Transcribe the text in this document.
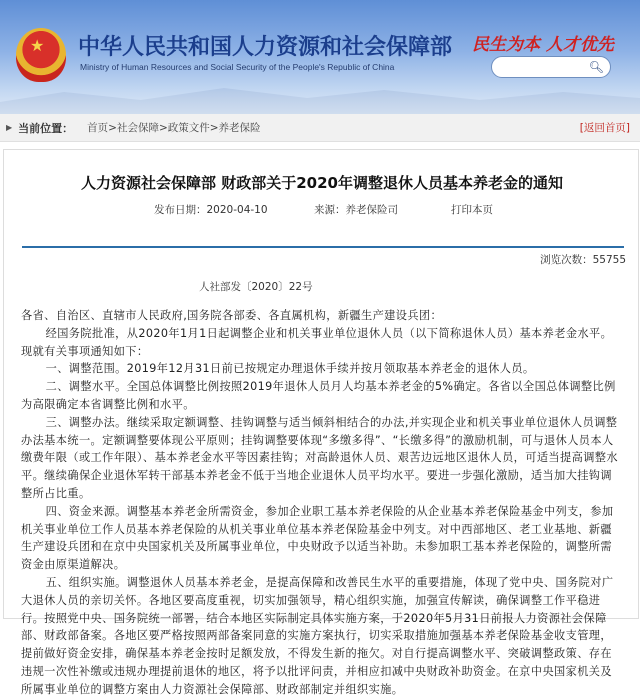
★ 中华人民共和国人力资源和社会保障部
Ministry of Human Resources and Social Security of the People's Republic of China
民生为本 人才优先
🔍︎
▶ 当前位置： 首页>社会保障>政策文件>养老保险	[返回首页]
人力资源社会保障部 财政部关于2020年调整退休人员基本养老金的通知
发布日期：2020-04-10	来源：养老保险司	打印本页
浏览次数：55755
人社部发〔2020〕22号

各省、自治区、直辖市人民政府,国务院各部委、各直属机构，新疆生产建设兵团：

经国务院批准，从2020年1月1日起调整企业和机关事业单位退休人员（以下简称退休人员）基本养老金水平。现就有关事项通知如下：

一、调整范围。2019年12月31日前已按规定办理退休手续并按月领取基本养老金的退休人员。

二、调整水平。全国总体调整比例按照2019年退休人员月人均基本养老金的5%确定。各省以全国总体调整比例为高限确定本省调整比例和水平。

三、调整办法。继续采取定额调整、挂钩调整与适当倾斜相结合的办法,并实现企业和机关事业单位退休人员调整办法基本统一。定额调整要体现公平原则；挂钩调整要体现“多缴多得”、“长缴多得”的激励机制，可与退休人员本人缴费年限（或工作年限）、基本养老金水平等因素挂钩；对高龄退休人员、艰苦边远地区退休人员，可适当提高调整水平。继续确保企业退休军转干部基本养老金不低于当地企业退休人员平均水平。要进一步强化激励，适当加大挂钩调整所占比重。

四、资金来源。调整基本养老金所需资金，参加企业职工基本养老保险的从企业基本养老保险基金中列支，参加机关事业单位工作人员基本养老保险的从机关事业单位基本养老保险基金中列支。对中西部地区、老工业基地、新疆生产建设兵团和在京中央国家机关及所属事业单位，中央财政予以适当补助。未参加职工基本养老保险的，调整所需资金由原渠道解决。

五、组织实施。调整退休人员基本养老金，是提高保障和改善民生水平的重要措施，体现了党中央、国务院对广大退休人员的亲切关怀。各地区要高度重视，切实加强领导，精心组织实施，加强宣传解读，确保调整工作平稳进行。按照党中央、国务院统一部署，结合本地区实际制定具体实施方案，于2020年5月31日前报人力资源社会保障部、财政部备案。各地区要严格按照两部备案同意的实施方案执行，切实采取措施加强基本养老保险基金收支管理，提前做好资金安排，确保基本养老金按时足额发放，不得发生新的拖欠。对自行提高调整水平、突破调整政策、存在违规一次性补缴或违规办理提前退休的地区，将予以批评问责，并相应扣减中央财政补助资金。在京中央国家机关及所属事业单位的调整方案由人力资源社会保障部、财政部制定并组织实施。
